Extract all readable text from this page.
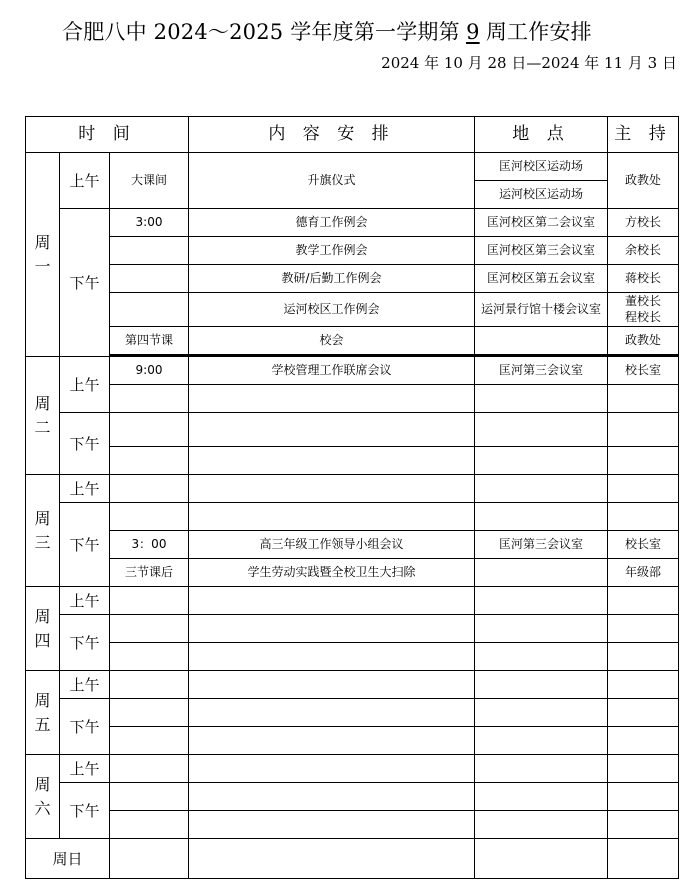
合肥八中 2024～2025 学年度第一学期第 9 周工作安排
2024 年 10 月 28 日—2024 年 11 月 3 日
时 间			内 容 安 排	地 点	主 持
周一	上午	大课间	升旗仪式	匡河校区运动场	政教处
				运河校区运动场	
	下午	3:00	德育工作例会	匡河校区第二会议室	方校长
			教学工作例会	匡河校区第三会议室	余校长
			教研/后勤工作例会	匡河校区第五会议室	蒋校长
			运河校区工作例会	运河景行馆十楼会议室	董校长程校长
		第四节课	校会		政教处

周二	上午	9:00	学校管理工作联席会议	匡河第三会议室	校长室

	下午				

周三	上午				
	下午				
		3：00	高三年级工作领导小组会议	匡河第三会议室	校长室
		三节课后	学生劳动实践暨全校卫生大扫除		年级部
周四	上午				
	下午				

周五	上午				
	下午				

周六	上午				
	下午				

周日					
